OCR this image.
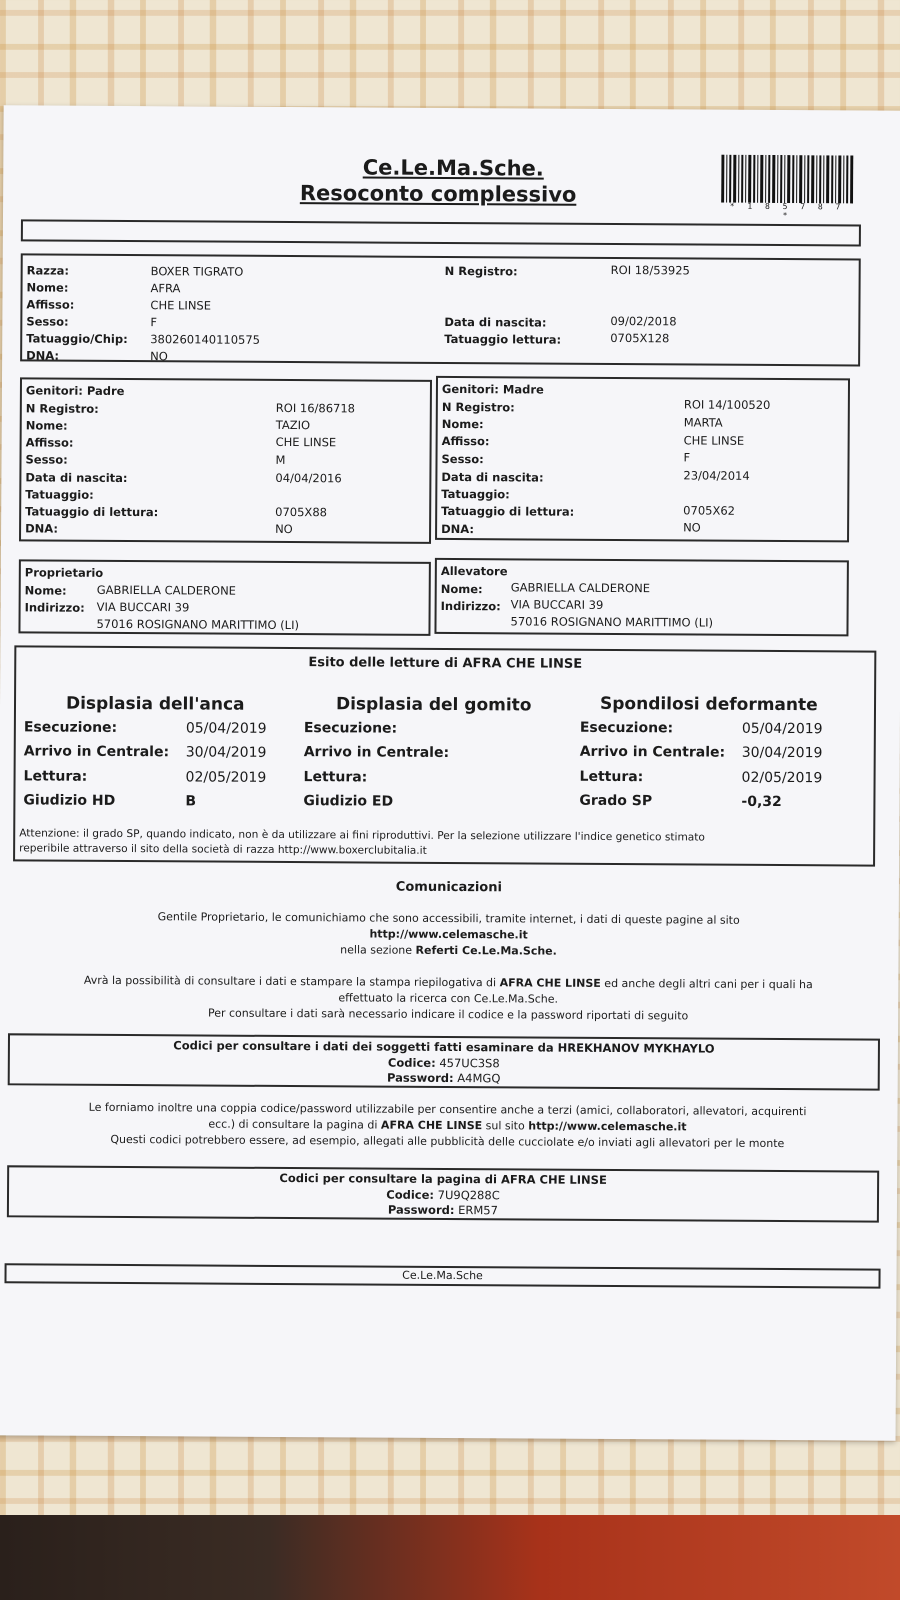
Ce.Le.Ma.Sche.
Resoconto complessivo	* 1 8 5 7 8 7 *
Razza:	BOXER TIGRATO
Nome:	AFRA
Affisso:	CHE LINSE
Sesso:	F
Tatuaggio/Chip: 380260140110575
DNA:	NO
N Registro:	ROI 18/53925
Data di nascita:	09/02/2018
Tatuaggio lettura:	0705X128
Genitori: Padre
N Registro:	ROI 16/86718
Nome:	TAZIO
Affisso:	CHE LINSE
Sesso:	M
Data di nascita:	04/04/2016
Tatuaggio:
Tatuaggio di lettura:	0705X88
DNA:	NO
Genitori: Madre
N Registro:	ROI 14/100520
Nome:	MARTA
Affisso:	CHE LINSE
Sesso:	F
Data di nascita:	23/04/2014
Tatuaggio:
Tatuaggio di lettura:	0705X62
DNA:	NO
Proprietario
Nome:	GABRIELLA CALDERONE
Indirizzo: VIA BUCCARI 39
57016 ROSIGNANO MARITTIMO (LI)
Allevatore
Nome: GABRIELLA CALDERONE
Indirizzo: VIA BUCCARI 39
57016 ROSIGNANO MARITTIMO (LI)
Esito delle letture di AFRA CHE LINSE
Displasia dell'anca
Esecuzione:	05/04/2019
Arrivo in Centrale: 30/04/2019
Lettura:	02/05/2019
Giudizio HD	B
Displasia del gomito
Esecuzione:
Arrivo in Centrale:
Lettura:
Giudizio ED
Spondilosi deformante
Esecuzione:	05/04/2019
Arrivo in Centrale: 30/04/2019
Lettura:	02/05/2019
Grado SP	-0,32
Attenzione: il grado SP, quando indicato, non è da utilizzare ai fini riproduttivi. Per la selezione utilizzare l'indice genetico stimato
reperibile attraverso il sito della società di razza http://www.boxerclubitalia.it
Comunicazioni
Gentile Proprietario, le comunichiamo che sono accessibili, tramite internet, i dati di queste pagine al sito
http://www.celemasche.it
nella sezione Referti Ce.Le.Ma.Sche.
Avrà la possibilità di consultare i dati e stampare la stampa riepilogativa di AFRA CHE LINSE ed anche degli altri cani per i quali ha
effettuato la ricerca con Ce.Le.Ma.Sche.
Per consultare i dati sarà necessario indicare il codice e la password riportati di seguito
Codici per consultare i dati dei soggetti fatti esaminare da HREKHANOV MYKHAYLO
Codice: 457UC3S8
Password: A4MGQ
Le forniamo inoltre una coppia codice/password utilizzabile per consentire anche a terzi (amici, collaboratori, allevatori, acquirenti
ecc.) di consultare la pagina di AFRA CHE LINSE sul sito http://www.celemasche.it
Questi codici potrebbero essere, ad esempio, allegati alle pubblicità delle cucciolate e/o inviati agli allevatori per le monte
Codici per consultare la pagina di AFRA CHE LINSE
Codice: 7U9Q288C
Password: ERM57
Ce.Le.Ma.Sche
